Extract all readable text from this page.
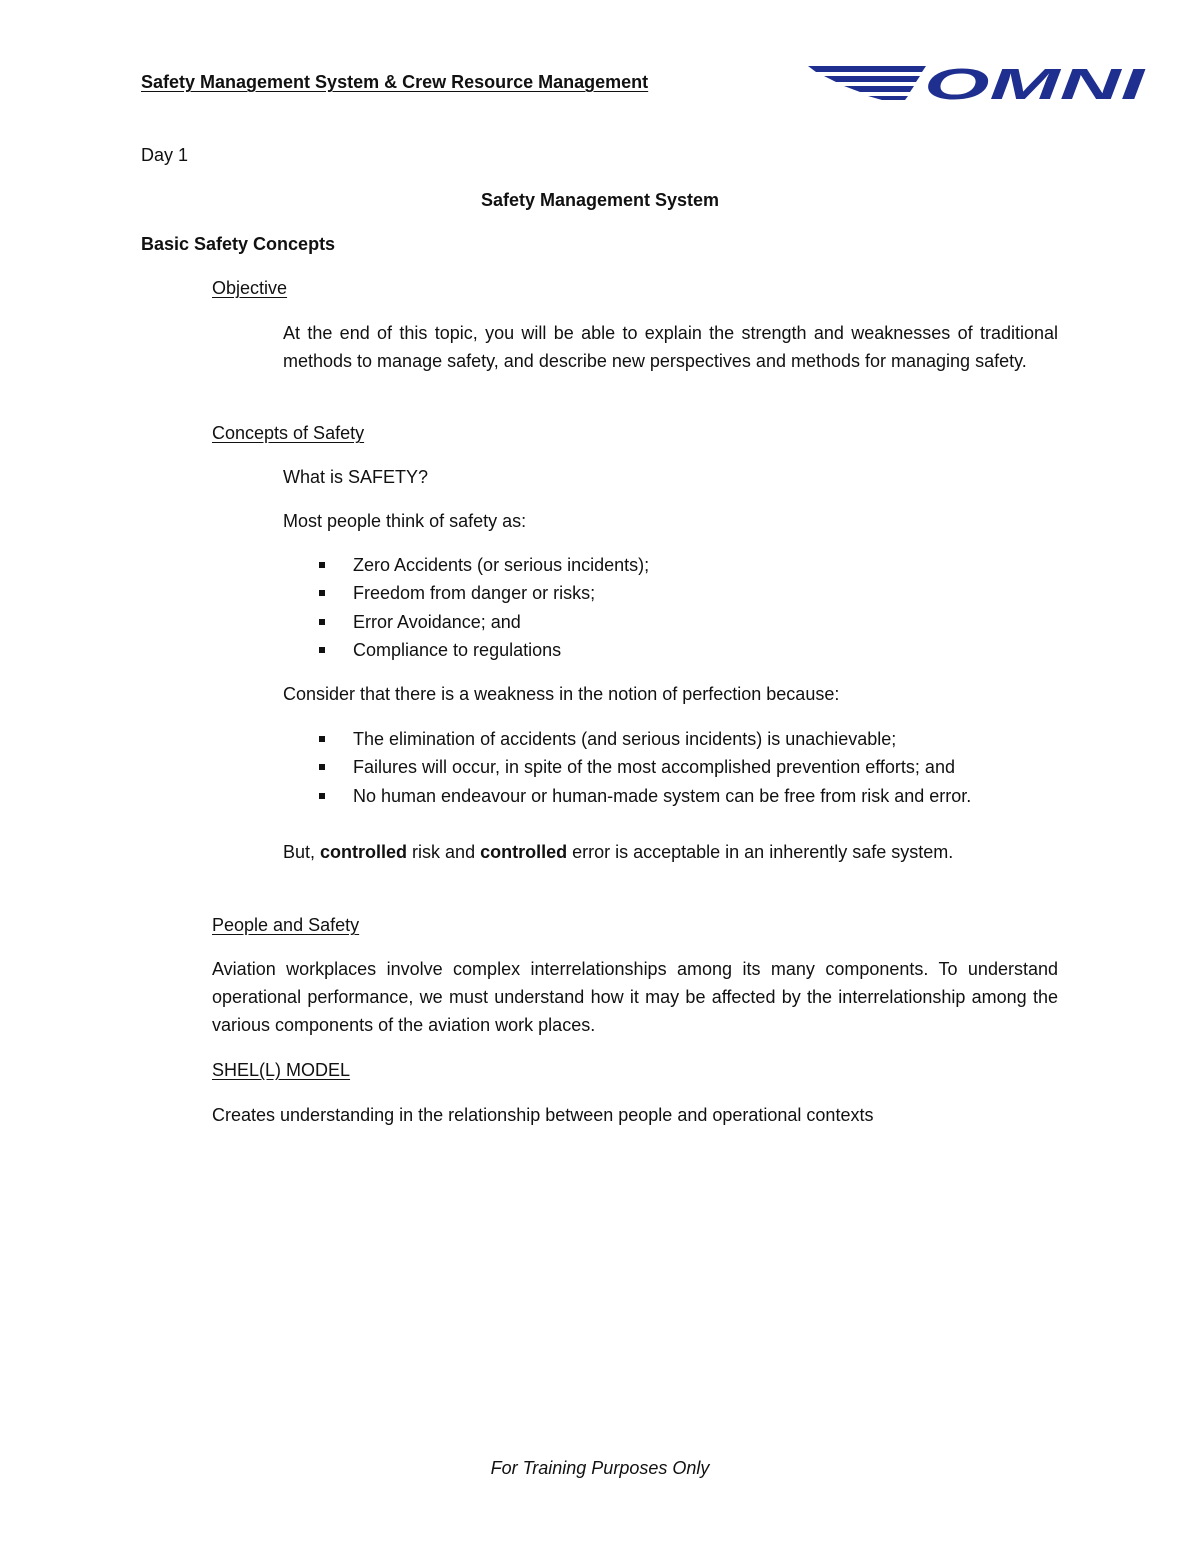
Safety Management System & Crew Resource Management	OMNI
Day 1
Safety Management System
Basic Safety Concepts
Objective

At the end of this topic, you will be able to explain the strength and weaknesses of traditional methods to manage safety, and describe new perspectives and methods for managing safety.

Concepts of Safety
What is SAFETY?
Most people think of safety as:
Zero Accidents (or serious incidents);
Freedom from danger or risks;
Error Avoidance; and
Compliance to regulations
Consider that there is a weakness in the notion of perfection because:
The elimination of accidents (and serious incidents) is unachievable;
Failures will occur, in spite of the most accomplished prevention efforts; and
No human endeavour or human-made system can be free from risk and error.
But, controlled risk and controlled error is acceptable in an inherently safe system.
People and Safety

Aviation workplaces involve complex interrelationships among its many components. To understand operational performance, we must understand how it may be affected by the interrelationship among the various components of the aviation work places.

SHEL(L) MODEL
Creates understanding in the relationship between people and operational contexts
For Training Purposes Only
